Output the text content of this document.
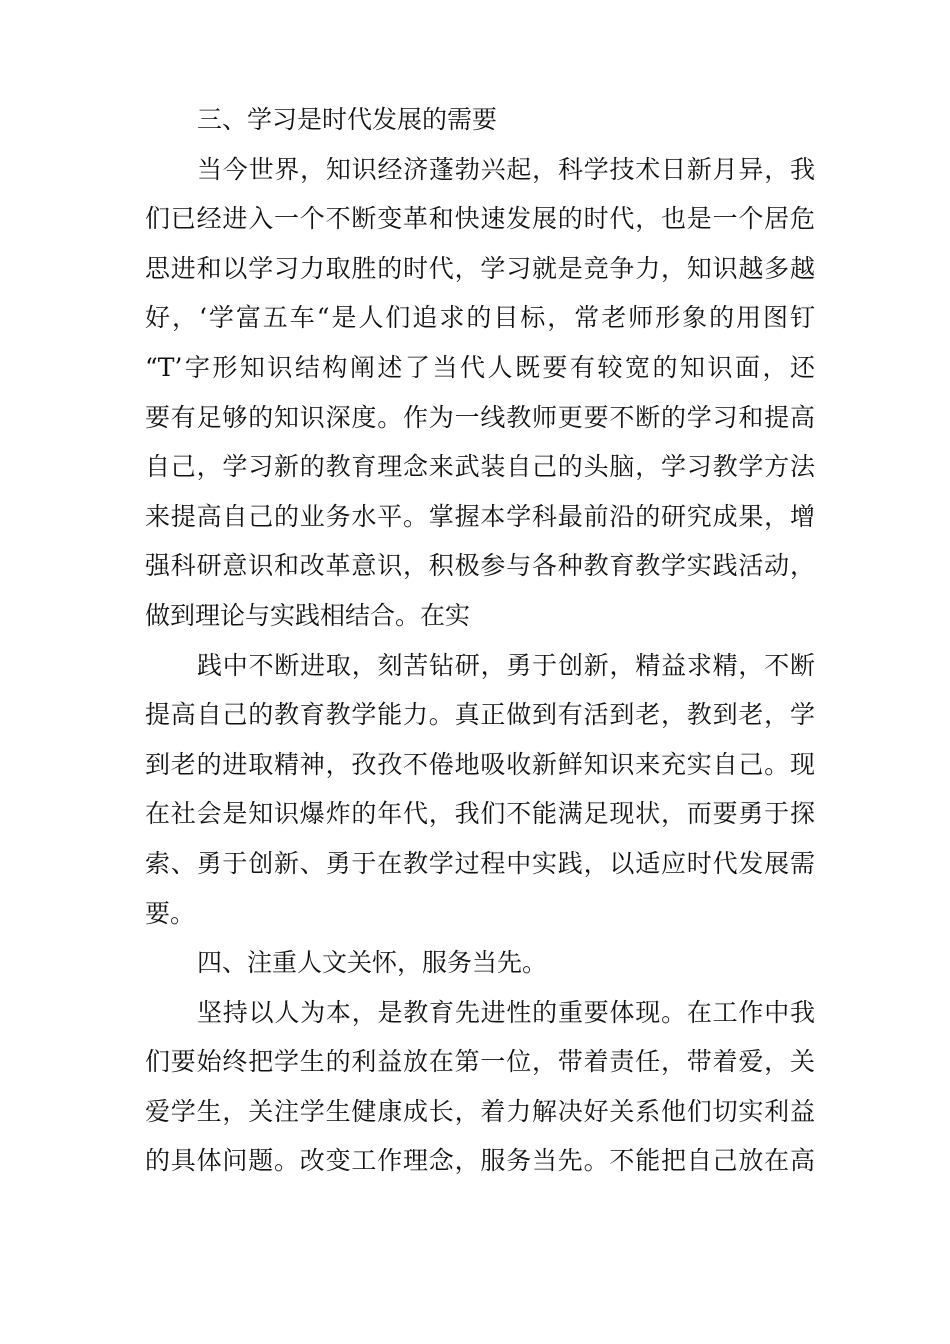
三、学习是时代发展的需要
当今世界，知识经济蓬勃兴起，科学技术日新月异，我
们已经进入一个不断变革和快速发展的时代，也是一个居危
思进和以学习力取胜的时代，学习就是竞争力，知识越多越
好，‘学富五车“是人们追求的目标，常老师形象的用图钉
“T’字形知识结构阐述了当代人既要有较宽的知识面，还
要有足够的知识深度。作为一线教师更要不断的学习和提高
自己，学习新的教育理念来武装自己的头脑，学习教学方法
来提高自己的业务水平。掌握本学科最前沿的研究成果，增
强科研意识和改革意识，积极参与各种教育教学实践活动，
做到理论与实践相结合。在实
践中不断进取，刻苦钻研，勇于创新，精益求精，不断
提高自己的教育教学能力。真正做到有活到老，教到老，学
到老的进取精神，孜孜不倦地吸收新鲜知识来充实自己。现
在社会是知识爆炸的年代，我们不能满足现状，而要勇于探
索、勇于创新、勇于在教学过程中实践，以适应时代发展需
要。
四、注重人文关怀，服务当先。
坚持以人为本，是教育先进性的重要体现。在工作中我
们要始终把学生的利益放在第一位，带着责任，带着爱，关
爱学生，关注学生健康成长，着力解决好关系他们切实利益
的具体问题。改变工作理念，服务当先。不能把自己放在高
